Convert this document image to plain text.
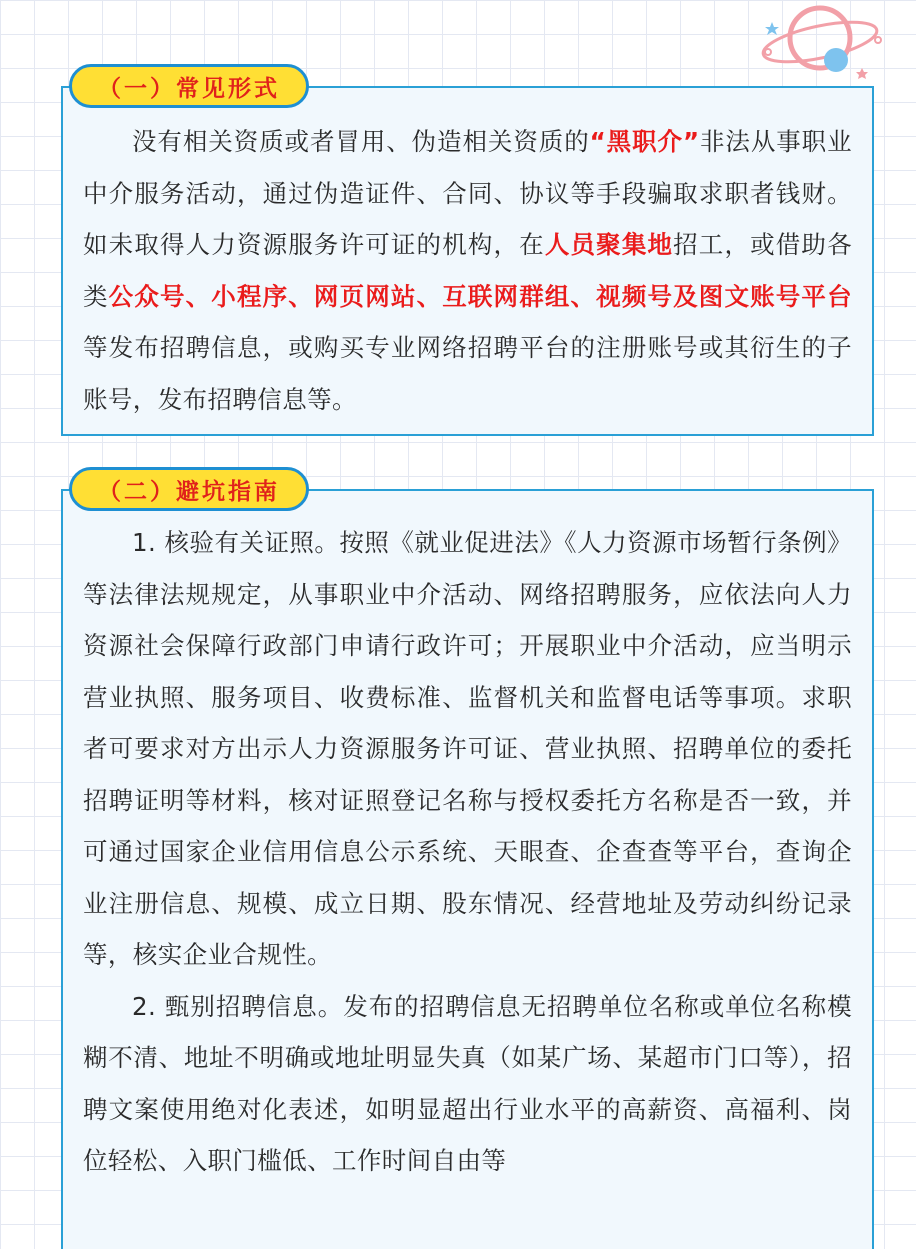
（一）常见形式

没有相关资质或者冒用、伪造相关资质的“黑职介”非法从事职业中介服务活动，通过伪造证件、合同、协议等手段骗取求职者钱财。如未取得人力资源服务许可证的机构，在人员聚集地招工，或借助各类公众号、小程序、网页网站、互联网群组、视频号及图文账号平台等发布招聘信息，或购买专业网络招聘平台的注册账号或其衍生的子账号，发布招聘信息等。

（二）避坑指南

1. 核验有关证照。按照《就业促进法》《人力资源市场暂行条例》等法律法规规定，从事职业中介活动、网络招聘服务，应依法向人力资源社会保障行政部门申请行政许可；开展职业中介活动，应当明示营业执照、服务项目、收费标准、监督机关和监督电话等事项。求职者可要求对方出示人力资源服务许可证、营业执照、招聘单位的委托招聘证明等材料，核对证照登记名称与授权委托方名称是否一致，并可通过国家企业信用信息公示系统、天眼查、企查查等平台，查询企业注册信息、规模、成立日期、股东情况、经营地址及劳动纠纷记录等，核实企业合规性。

2. 甄别招聘信息。发布的招聘信息无招聘单位名称或单位名称模糊不清、地址不明确或地址明显失真（如某广场、某超市门口等），招聘文案使用绝对化表述，如明显超出行业水平的高薪资、高福利、岗位轻松、入职门槛低、工作时间自由等
